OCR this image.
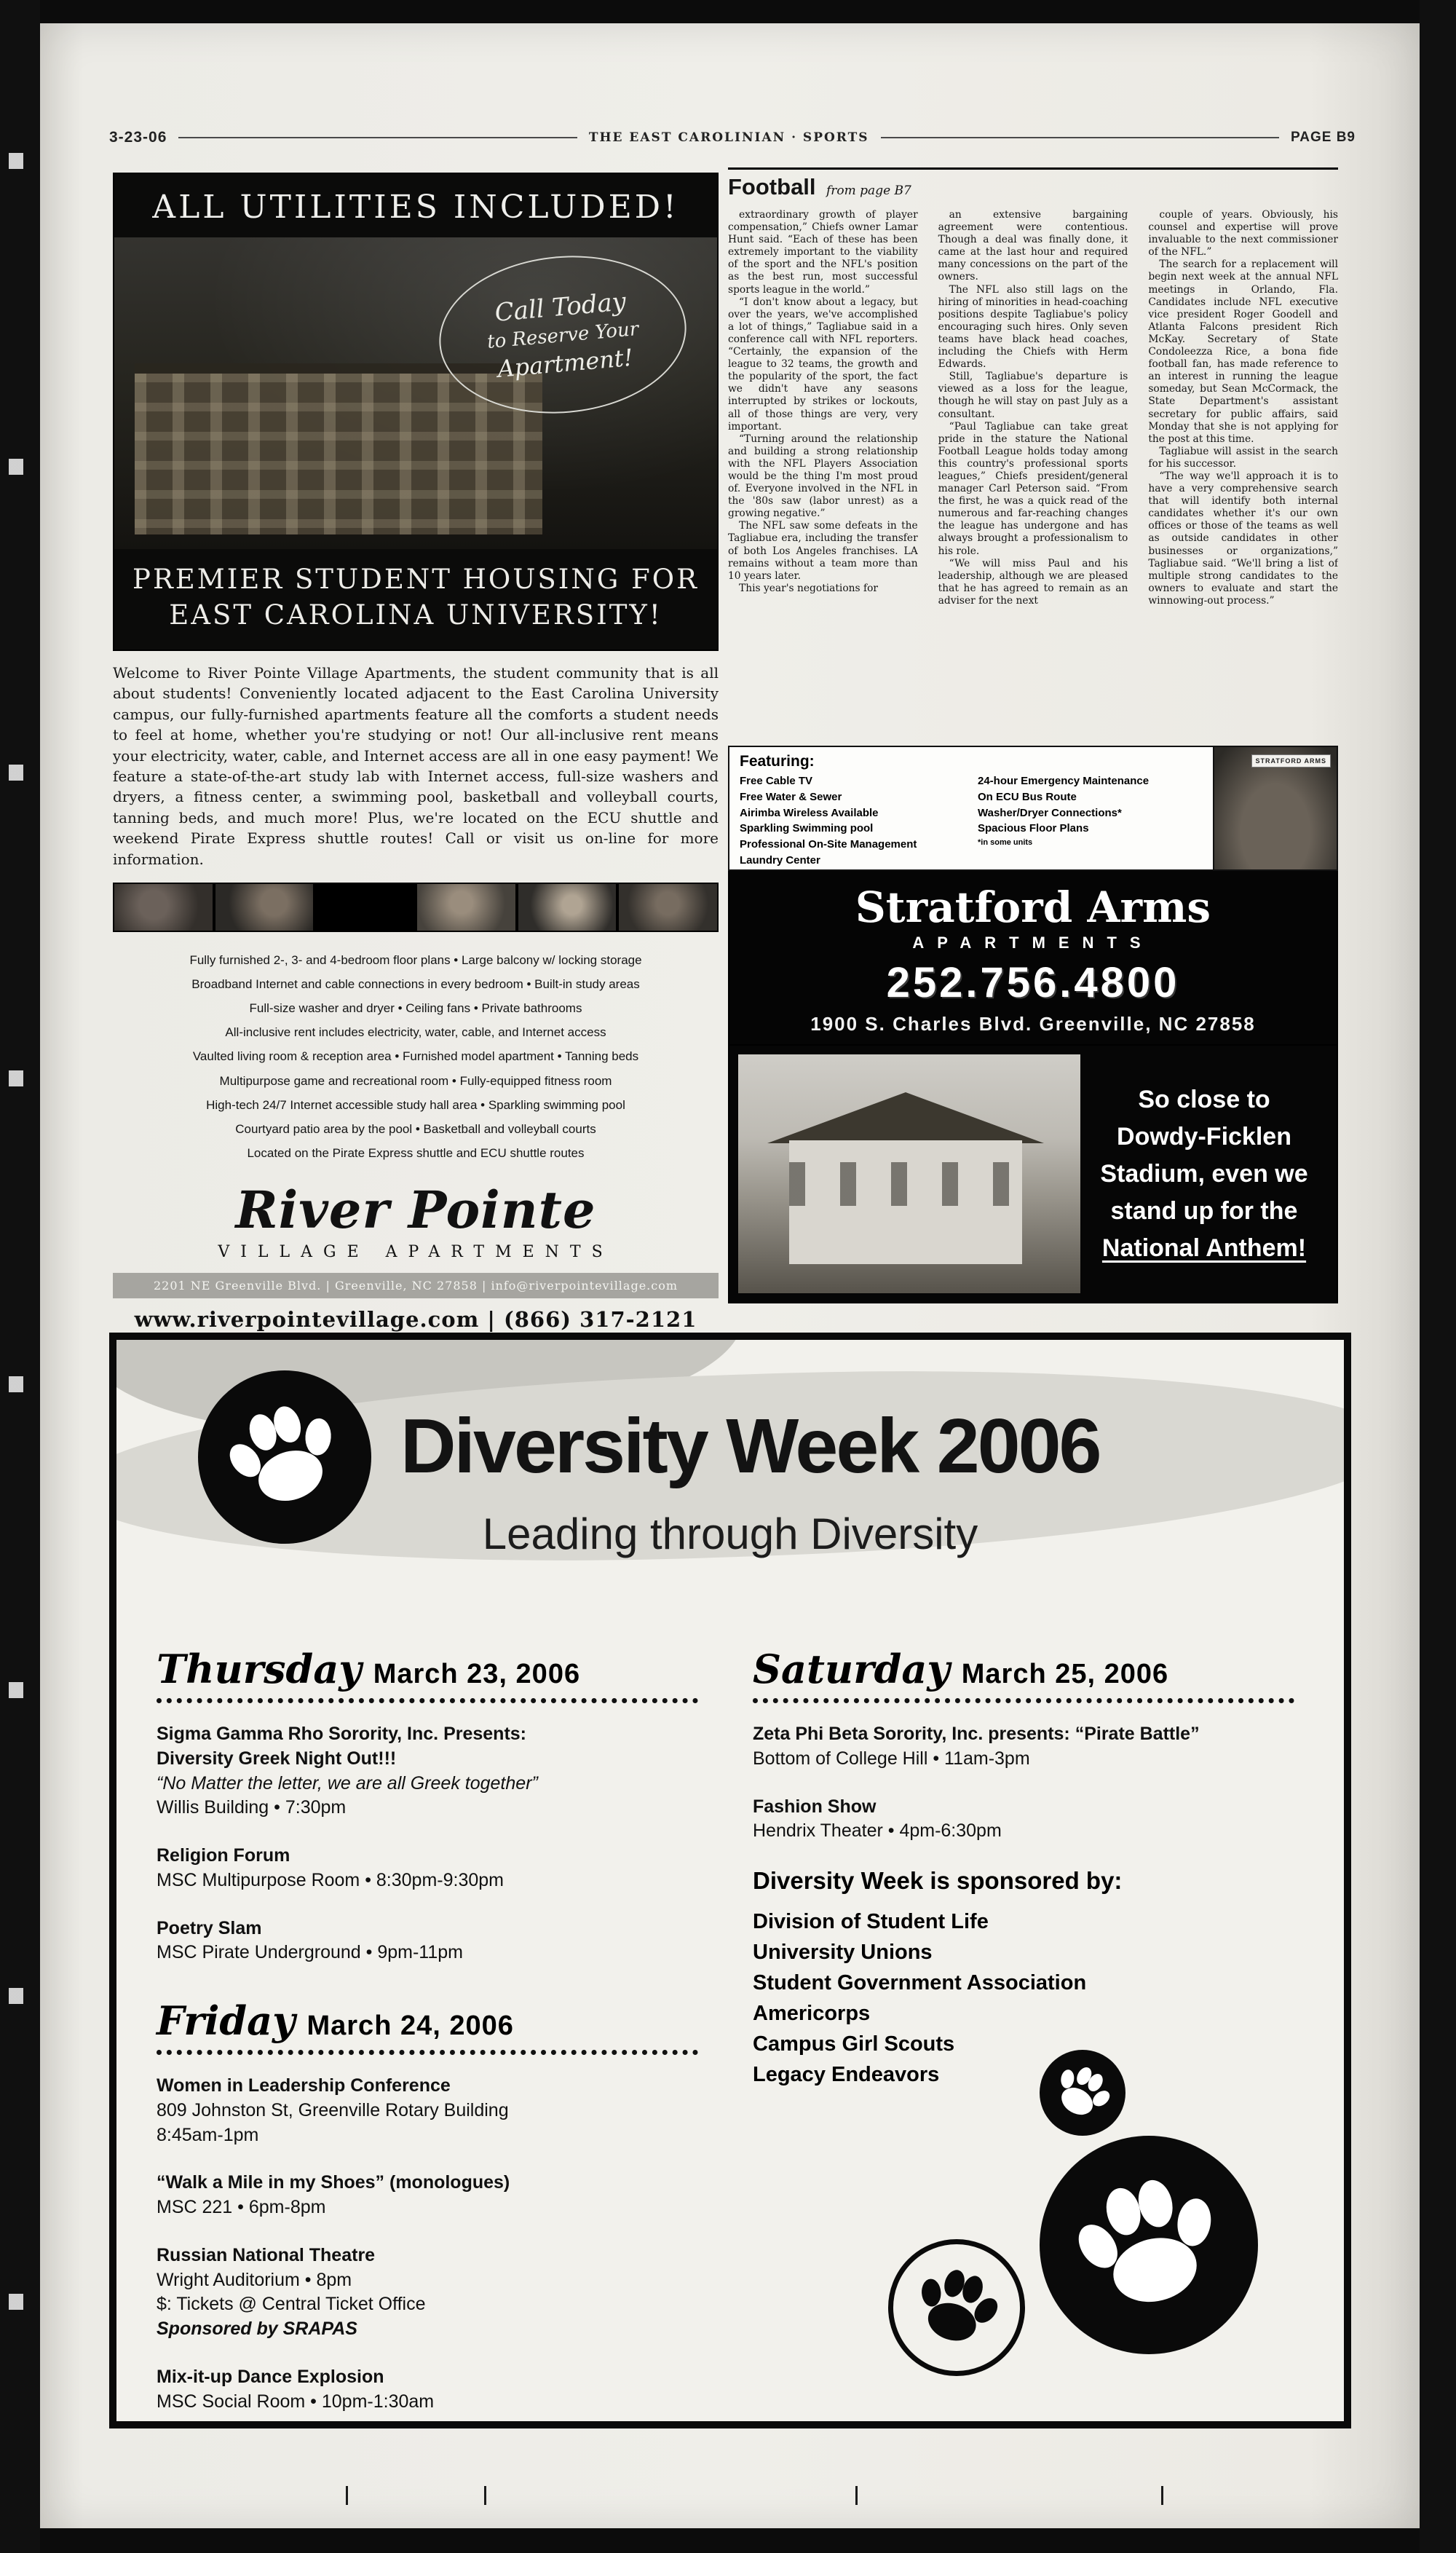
3-23-06	THE EAST CAROLINIAN · SPORTS	PAGE B9
ALL UTILITIES INCLUDED!
Call Today
to Reserve Your
Apartment!
PREMIER STUDENT HOUSING FOR
EAST CAROLINA UNIVERSITY!

Welcome to River Pointe Village Apartments, the student community that is all about students! Conveniently located adjacent to the East Carolina University campus, our fully-furnished apartments feature all the comforts a student needs to feel at home, whether you're studying or not! Our all-inclusive rent means your electricity, water, cable, and Internet access are all in one easy payment! We feature a state-of-the-art study lab with Internet access, full-size washers and dryers, a fitness center, a swimming pool, basketball and volleyball courts, tanning beds, and much more! Plus, we're located on the ECU shuttle and weekend Pirate Express shuttle routes! Call or visit us on-line for more information.

Fully furnished 2-, 3- and 4-bedroom floor plans • Large balcony w/ locking storage
Broadband Internet and cable connections in every bedroom • Built-in study areas
Full-size washer and dryer • Ceiling fans • Private bathrooms
All-inclusive rent includes electricity, water, cable, and Internet access
Vaulted living room & reception area • Furnished model apartment • Tanning beds
Multipurpose game and recreational room • Fully-equipped fitness room
High-tech 24/7 Internet accessible study hall area • Sparkling swimming pool
Courtyard patio area by the pool • Basketball and volleyball courts
Located on the Pirate Express shuttle and ECU shuttle routes
River Pointe
VILLAGE APARTMENTS
2201 NE Greenville Blvd. | Greenville, NC 27858 | info@riverpointevillage.com
www.riverpointevillage.com | (866) 317-2121
Football from page B7

extraordinary growth of player compensation,” Chiefs owner Lamar Hunt said. “Each of these has been extremely important to the viability of the sport and the NFL's position as the best run, most successful sports league in the world.”

“I don't know about a legacy, but over the years, we've accomplished a lot of things,” Tagliabue said in a conference call with NFL reporters. “Certainly, the expansion of the league to 32 teams, the growth and the popularity of the sport, the fact we didn't have any seasons interrupted by strikes or lockouts, all of those things are very, very important.

“Turning around the relationship and building a strong relationship with the NFL Players Association would be the thing I'm most proud of. Everyone involved in the NFL in the '80s saw (labor unrest) as a growing negative.”

The NFL saw some defeats in the Tagliabue era, including the transfer of both Los Angeles franchises. LA remains without a team more than 10 years later.

This year's negotiations for

an extensive bargaining agreement were contentious. Though a deal was finally done, it came at the last hour and required many concessions on the part of the owners.

The NFL also still lags on the hiring of minorities in head-coaching positions despite Tagliabue's policy encouraging such hires. Only seven teams have black head coaches, including the Chiefs with Herm Edwards.

Still, Tagliabue's departure is viewed as a loss for the league, though he will stay on past July as a consultant.

“Paul Tagliabue can take great pride in the stature the National Football League holds today among this country's professional sports leagues,” Chiefs president/general manager Carl Peterson said. “From the first, he was a quick read of the numerous and far-reaching changes the league has undergone and has always brought a professionalism to his role.

“We will miss Paul and his leadership, although we are pleased that he has agreed to remain as an adviser for the next

couple of years. Obviously, his counsel and expertise will prove invaluable to the next commissioner of the NFL.”

The search for a replacement will begin next week at the annual NFL meetings in Orlando, Fla. Candidates include NFL executive vice president Roger Goodell and Atlanta Falcons president Rich McKay. Secretary of State Condoleezza Rice, a bona fide football fan, has made reference to an interest in running the league someday, but Sean McCormack, the State Department's assistant secretary for public affairs, said Monday that she is not applying for the post at this time.

Tagliabue will assist in the search for his successor.

“The way we'll approach it is to have a very comprehensive search that will identify both internal candidates whether it's our own offices or those of the teams as well as outside candidates in other businesses or organizations,” Tagliabue said. “We'll bring a list of multiple strong candidates to the owners to evaluate and start the winnowing-out process.”

Featuring:
Free Cable TV
Free Water & Sewer
Airimba Wireless Available
Sparkling Swimming pool
Professional On-Site Management
Laundry Center
24-hour Emergency Maintenance
On ECU Bus Route
Washer/Dryer Connections*
Spacious Floor Plans
*in some units
STRATFORD ARMS
Stratford Arms
APARTMENTS
252.756.4800
1900 S. Charles Blvd. Greenville, NC 27858
So close to
Dowdy-Ficklen
Stadium, even we
stand up for the
National Anthem!
Diversity Week 2006
Leading through Diversity
Thursday March 23, 2006
Sigma Gamma Rho Sorority, Inc. Presents:
Diversity Greek Night Out!!!
“No Matter the letter, we are all Greek together”
Willis Building • 7:30pm
Religion Forum
MSC Multipurpose Room • 8:30pm-9:30pm
Poetry Slam
MSC Pirate Underground • 9pm-11pm
Friday March 24, 2006
Women in Leadership Conference
809 Johnston St, Greenville Rotary Building
8:45am-1pm
“Walk a Mile in my Shoes” (monologues)
MSC 221 • 6pm-8pm
Russian National Theatre
Wright Auditorium • 8pm
$: Tickets @ Central Ticket Office
Sponsored by SRAPAS
Mix-it-up Dance Explosion
MSC Social Room • 10pm-1:30am
Saturday March 25, 2006
Zeta Phi Beta Sorority, Inc. presents: “Pirate Battle”
Bottom of College Hill • 11am-3pm
Fashion Show
Hendrix Theater • 4pm-6:30pm
Diversity Week is sponsored by:
Division of Student Life
University Unions
Student Government Association
Americorps
Campus Girl Scouts
Legacy Endeavors
